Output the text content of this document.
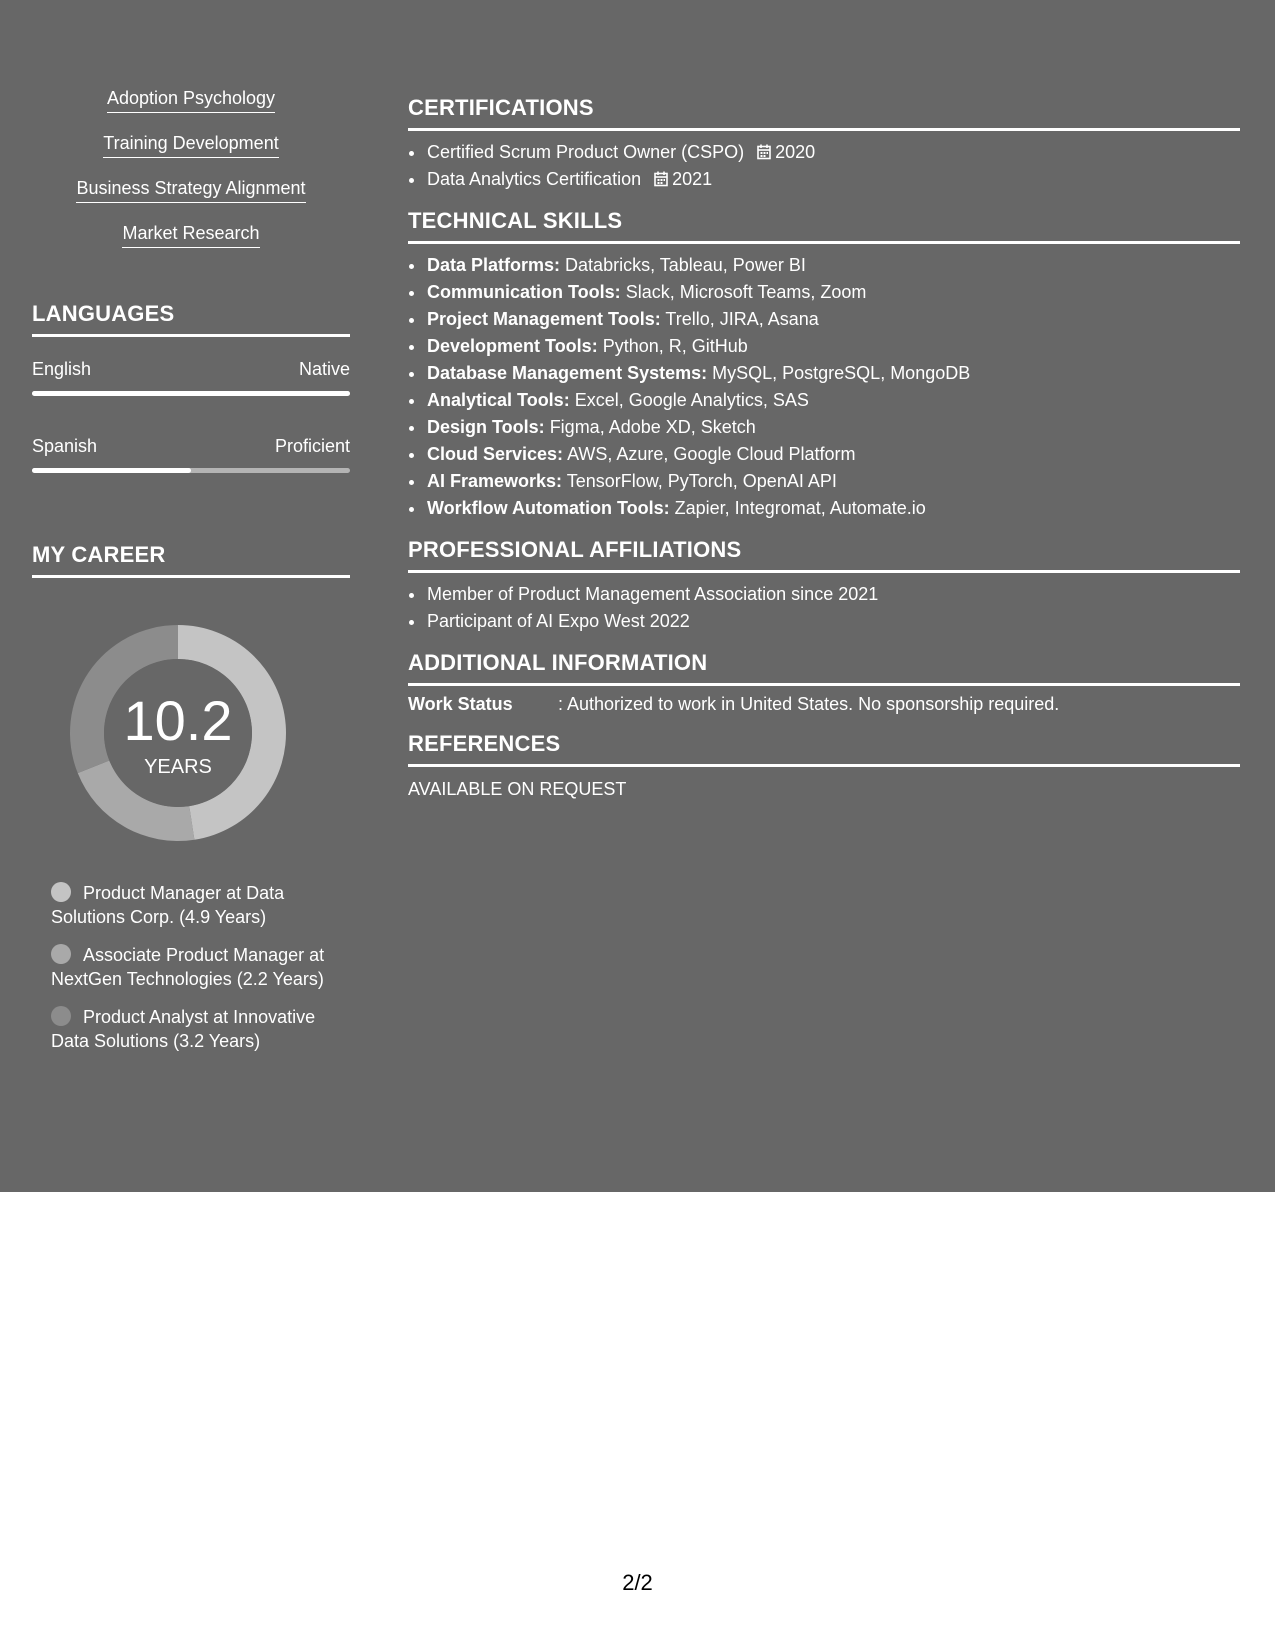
Adoption Psychology
Training Development
Business Strategy Alignment
Market Research
LANGUAGES
English	Native
Spanish	Proficient
MY CAREER
10.2
YEARS
Product Manager at Data Solutions Corp. (4.9 Years)
Associate Product Manager at NextGen Technologies (2.2 Years)
Product Analyst at Innovative Data Solutions (3.2 Years)
CERTIFICATIONS
• Certified Scrum Product Owner (CSPO) 2020
• Data Analytics Certification 2021
TECHNICAL SKILLS
• Data Platforms: Databricks, Tableau, Power BI
• Communication Tools: Slack, Microsoft Teams, Zoom
• Project Management Tools: Trello, JIRA, Asana
• Development Tools: Python, R, GitHub
• Database Management Systems: MySQL, PostgreSQL, MongoDB
• Analytical Tools: Excel, Google Analytics, SAS
• Design Tools: Figma, Adobe XD, Sketch
• Cloud Services: AWS, Azure, Google Cloud Platform
• AI Frameworks: TensorFlow, PyTorch, OpenAI API
• Workflow Automation Tools: Zapier, Integromat, Automate.io
PROFESSIONAL AFFILIATIONS
• Member of Product Management Association since 2021
• Participant of AI Expo West 2022
ADDITIONAL INFORMATION
Work Status	: Authorized to work in United States. No sponsorship required.
REFERENCES
AVAILABLE ON REQUEST
2/2
